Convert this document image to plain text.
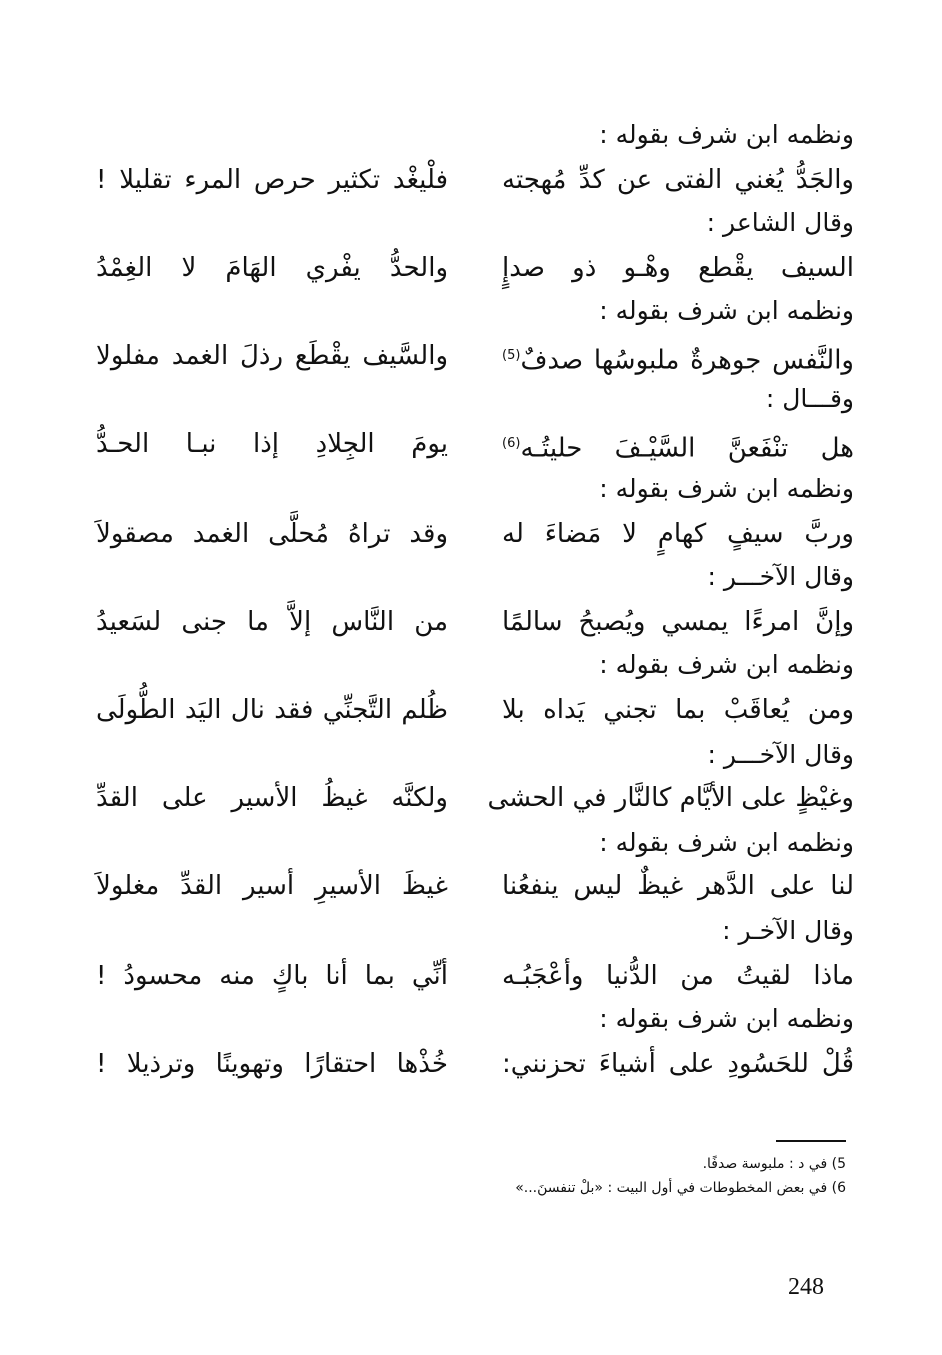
ونظمه ابن شرف بقوله :
والجَدُّ يُغني الفتى عن كدِّ مُهجته
فلْيغْد تكثير حرص المرء تقليلا !
وقال الشاعر :
السيف يقْطع وهْـو ذو صدإٍ
والحدُّ يفْري الهَامَ لا الغِمْدُ
ونظمه ابن شرف بقوله :
والنَّفس جوهرةٌ ملبوسُها صدفٌ$^{(5)}$
والسَّيف يقْطَع رذلَ الغمد مفلولا
وقـــال :
هل تنْفَعنَّ السَّيْـفَ حليتُـه$^{(6)}$
يومَ الجِلادِ إذا نبـا الحـدُّ
ونظمه ابن شرف بقوله :
وربَّ سيفٍ كهامٍ لا مَضاءَ له
وقد تراهُ مُحلَّى الغمد مصقولاَ
وقال الآخـــر :
وإنَّ امرءًا يمسي ويُصبحُ سالمًا
من النَّاس إلاَّ ما جنى لسَعيدُ
ونظمه ابن شرف بقوله :
ومن يُعاقَبْ بما تجني يَداه بلا
ظُلم التَّجنِّي فقد نال اليَد الطُّولَى
وقال الآخـــر :
وغيْظٍ على الأيَّام كالنَّار في الحشى
ولكنَّه غيظُ الأسير على القدِّ
ونظمه ابن شرف بقوله :
لنا على الدَّهر غيظٌ ليس ينفعُنا
غيظَ الأسيرِ أسير القدِّ مغلولاَ
وقال الآخـر :
ماذا لقيتُ من الدُّنيا وأعْجَبُـه
أنِّي بما أنا باكٍ منه محسودُ !
ونظمه ابن شرف بقوله :
قُلْ للحَسُودِ على أشياءَ تحزنني:
خُذْها احتقارًا وتهوينًا وترذيلا !
5) في د : ملبوسة صدفًا.
6) في بعض المخطوطات في أول البيت : «بلْ تنفسنَ...»
248
